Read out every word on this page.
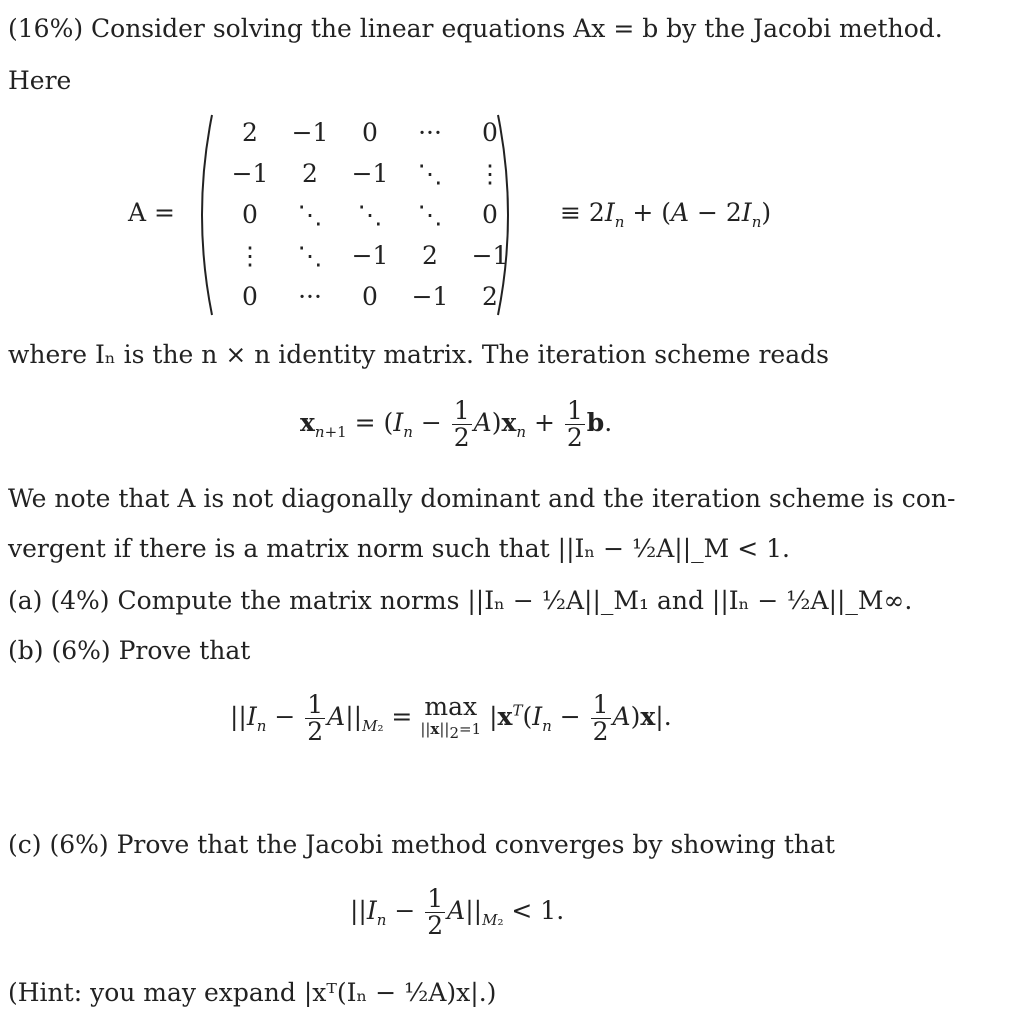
(16%) Consider solving the linear equations Ax = b by the Jacobi method.
Here
A =
2	−1	0	···	0
−1	2	−1	⋱	⋮
0	⋱	⋱	⋱	0
⋮	⋱	−1	2	−1
0	···	0	−1	2
≡ $2I_n + (A - 2I_n)$
where Iₙ is the n × n identity matrix. The iteration scheme reads
$x_{n+1} = (I_n - \frac{1}{2} A)x_n + \frac{1}{2} b$.
We note that A is not diagonally dominant and the iteration scheme is con-
vergent if there is a matrix norm such that ||Iₙ − ½A||_M < 1.
(a) (4%) Compute the matrix norms ||Iₙ − ½A||_M₁ and ||Iₙ − ½A||_M∞.
(b) (6%) Prove that
$||I_n - \frac{1}{2} A||_{M_2} = \max$
$||x||_2=1$ $|x^T(I_n - \frac{1}{2} A)x|$.
(c) (6%) Prove that the Jacobi method converges by showing that
$||I_n - \frac{1}{2} A||_{M_2} < 1$.
(Hint: you may expand |xᵀ(Iₙ − ½A)x|.)
